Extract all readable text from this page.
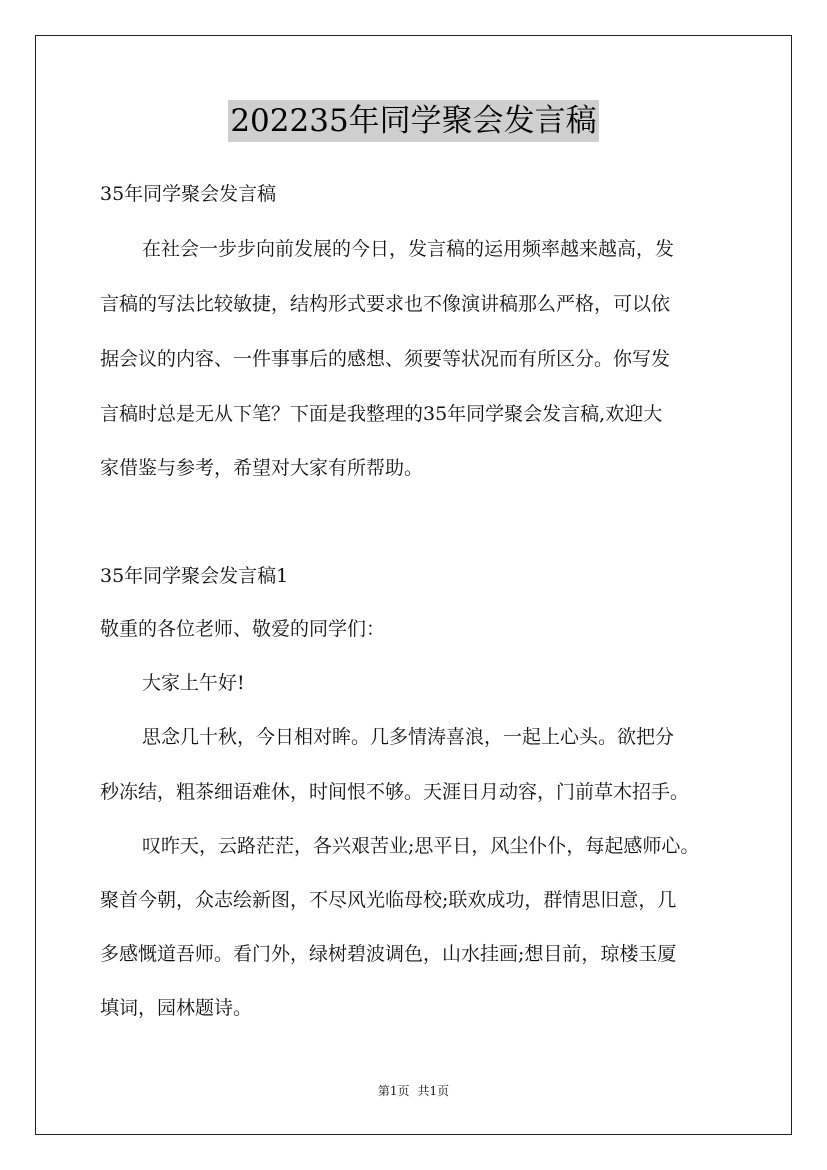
202235年同学聚会发言稿
35年同学聚会发言稿
在社会一步步向前发展的今日，发言稿的运用频率越来越高，发
言稿的写法比较敏捷，结构形式要求也不像演讲稿那么严格，可以依
据会议的内容、一件事事后的感想、须要等状况而有所区分。你写发
言稿时总是无从下笔？下面是我整理的35年同学聚会发言稿,欢迎大
家借鉴与参考，希望对大家有所帮助。
35年同学聚会发言稿1
敬重的各位老师、敬爱的同学们：
大家上午好!
思念几十秋，今日相对眸。几多情涛喜浪，一起上心头。欲把分
秒冻结，粗茶细语难休，时间恨不够。天涯日月动容，门前草木招手。
叹昨天，云路茫茫，各兴艰苦业;思平日，风尘仆仆，每起感师心。
聚首今朝，众志绘新图，不尽风光临母校;联欢成功，群情思旧意，几
多感慨道吾师。看门外，绿树碧波调色，山水挂画;想目前，琼楼玉厦
填词，园林题诗。
第1页 共1页
